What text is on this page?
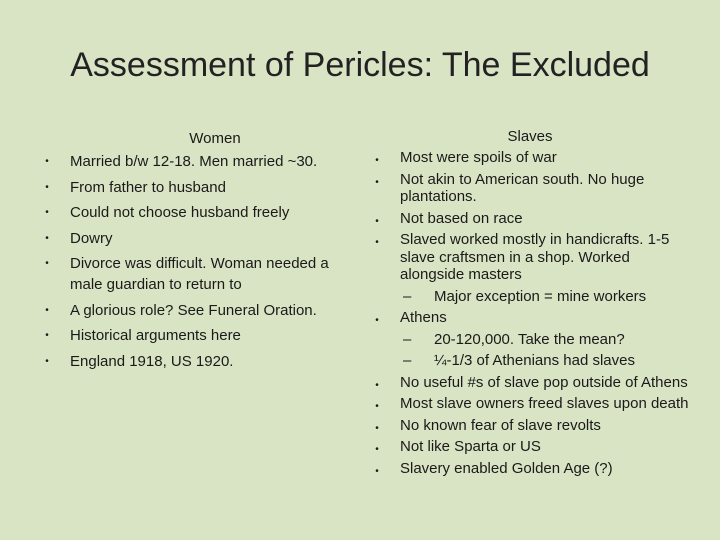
Assessment of Pericles: The Excluded
Women
•	Married b/w 12-18. Men married ~30.
•	From father to husband
•	Could not choose husband freely
•	Dowry
•	Divorce was difficult. Woman needed a male guardian to return to
•	A glorious role? See Funeral Oration.
•	Historical arguments here
•	England 1918, US 1920.
Slaves
•	Most were spoils of war
•	Not akin to American south. No huge plantations.
•	Not based on race
•	Slaved worked mostly in handicrafts. 1-5 slave craftsmen in a shop. Worked alongside masters
– Major exception = mine workers
•	Athens
– 20-120,000. Take the mean?
– ¼-1/3 of Athenians had slaves
•	No useful #s of slave pop outside of Athens
•	Most slave owners freed slaves upon death
•	No known fear of slave revolts
•	Not like Sparta or US
•	Slavery enabled Golden Age (?)
